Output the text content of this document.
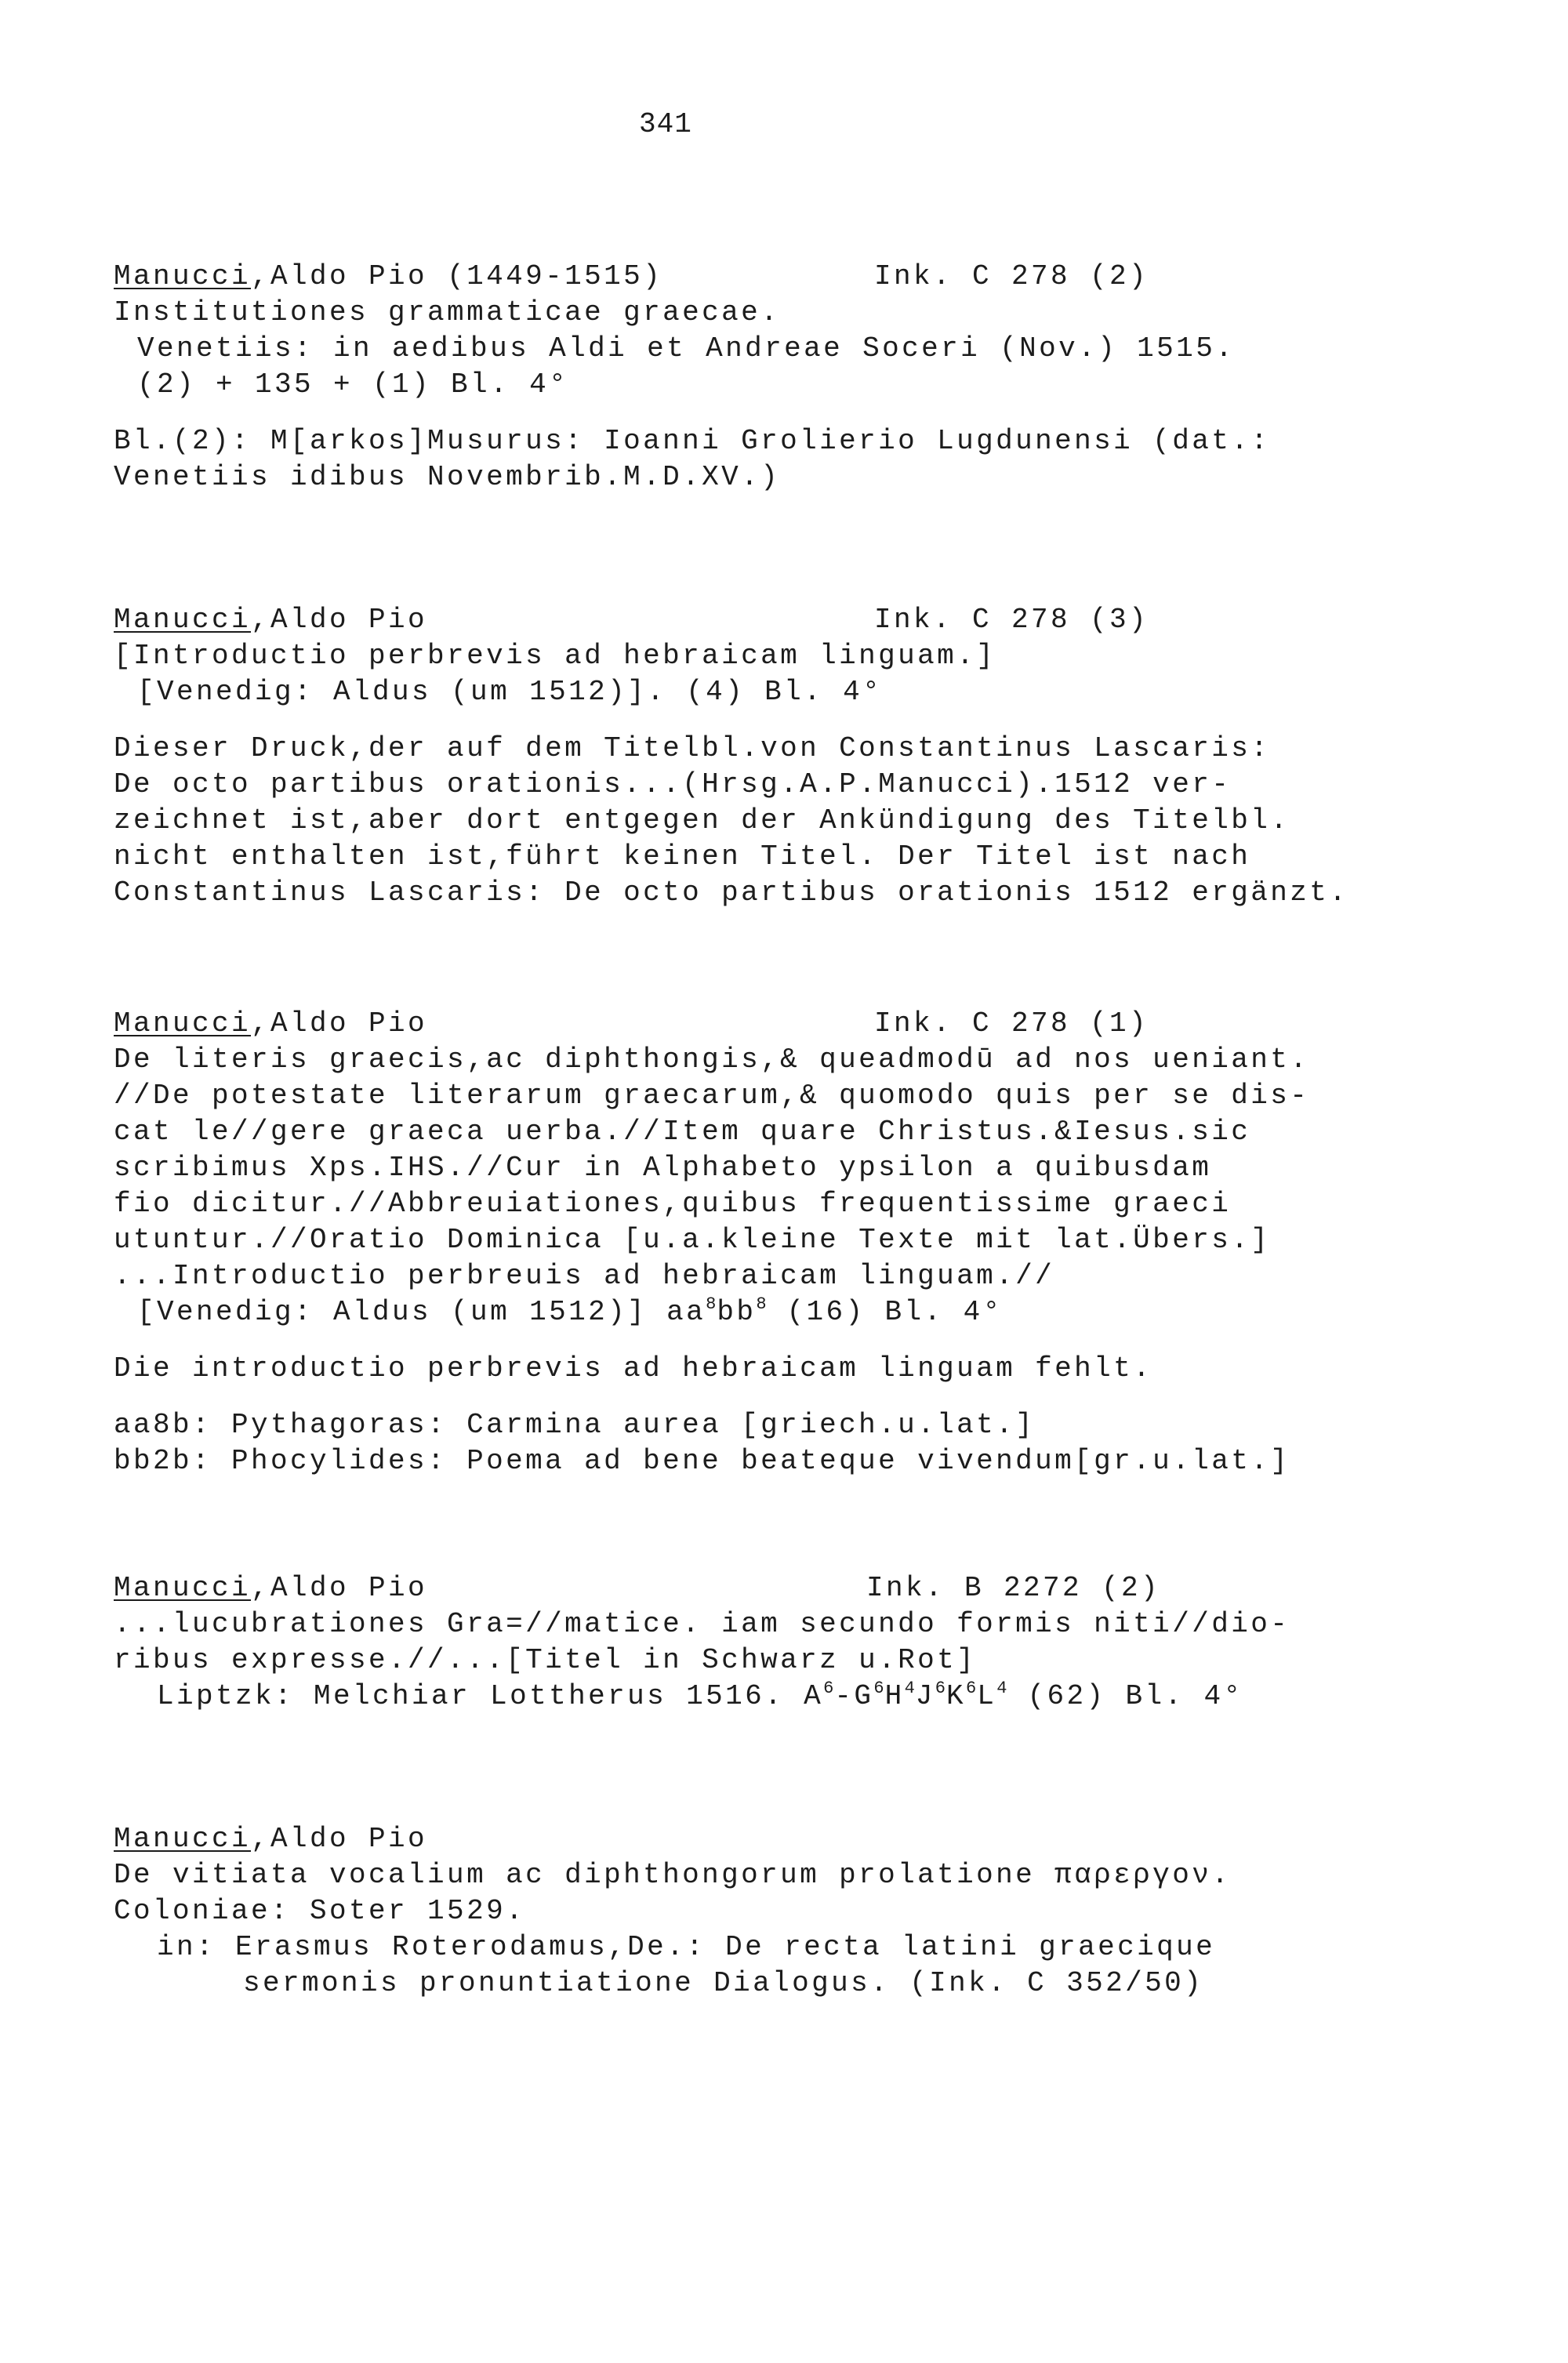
341
Manucci,Aldo Pio (1449-1515)	Ink. C 278 (2)
Institutiones grammaticae graecae.
Venetiis: in aedibus Aldi et Andreae Soceri (Nov.) 1515.
(2) + 135 + (1) Bl. 4°
Bl.(2): M[arkos]Musurus: Ioanni Grolierio Lugdunensi (dat.:
Venetiis idibus Novembrib.M.D.XV.)
Manucci,Aldo Pio	Ink. C 278 (3)
[Introductio perbrevis ad hebraicam linguam.]
[Venedig: Aldus (um 1512)]. (4) Bl. 4°
Dieser Druck,der auf dem Titelbl.von Constantinus Lascaris:
De octo partibus orationis...(Hrsg.A.P.Manucci).1512 ver-
zeichnet ist,aber dort entgegen der Ankündigung des Titelbl.
nicht enthalten ist,führt keinen Titel. Der Titel ist nach
Constantinus Lascaris: De octo partibus orationis 1512 ergänzt.
Manucci,Aldo Pio	Ink. C 278 (1)
De literis graecis,ac diphthongis,& queadmodū ad nos ueniant.
//De potestate literarum graecarum,& quomodo quis per se dis-
cat le//gere graeca uerba.//Item quare Christus.&Iesus.sic
scribimus Xps.IHS.//Cur in Alphabeto ypsilon a quibusdam
fio dicitur.//Abbreuiationes,quibus frequentissime graeci
utuntur.//Oratio Dominica [u.a.kleine Texte mit lat.Übers.]
...Introductio perbreuis ad hebraicam linguam.//
[Venedig: Aldus (um 1512)] $aa^8bb^8$ (16) Bl. 4°
Die introductio perbrevis ad hebraicam linguam fehlt.
aa8b: Pythagoras: Carmina aurea [griech.u.lat.]
bb2b: Phocylides: Poema ad bene beateque vivendum[gr.u.lat.]
Manucci,Aldo Pio	Ink. B 2272 (2)
...lucubrationes Gra=//matice. iam secundo formis niti//dio-
ribus expresse.//...[Titel in Schwarz u.Rot]
Liptzk: Melchiar Lottherus 1516. $A^6-G^6H^4J^6K^6L^4$ (62) Bl. 4°
Manucci,Aldo Pio
De vitiata vocalium ac diphthongorum prolatione παρεργον.
Coloniae: Soter 1529.
in: Erasmus Roterodamus,De.: De recta latini graecique
sermonis pronuntiatione Dialogus. (Ink. C 352/50)
